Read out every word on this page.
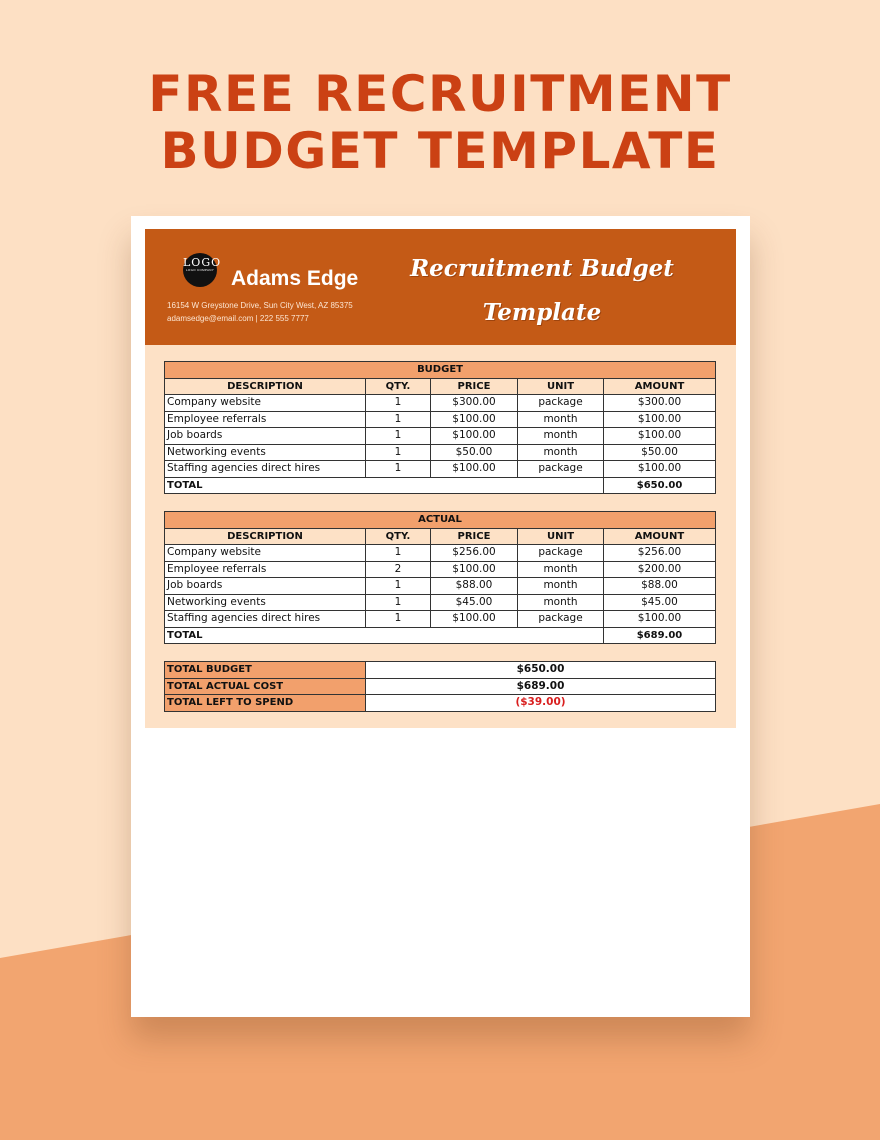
FREE RECRUITMENT
BUDGET TEMPLATE
LOGO
LOGO COMPANY Adams Edge
16154 W Greystone Drive, Sun City West, AZ 85375
adamsedge@email.com | 222 555 7777
Recruitment Budget
Template
BUDGET				
DESCRIPTION	QTY.	PRICE	UNIT	AMOUNT
Company website	1	$300.00	package	$300.00
Employee referrals	1	$100.00	month	$100.00
Job boards	1	$100.00	month	$100.00
Networking events	1	$50.00	month	$50.00
Staffing agencies direct hires	1	$100.00	package	$100.00
TOTAL				$650.00
ACTUAL				
DESCRIPTION	QTY.	PRICE	UNIT	AMOUNT
Company website	1	$256.00	package	$256.00
Employee referrals	2	$100.00	month	$200.00
Job boards	1	$88.00	month	$88.00
Networking events	1	$45.00	month	$45.00
Staffing agencies direct hires	1	$100.00	package	$100.00
TOTAL				$689.00
TOTAL BUDGET	$650.00
TOTAL ACTUAL COST	$689.00
TOTAL LEFT TO SPEND	($39.00)
